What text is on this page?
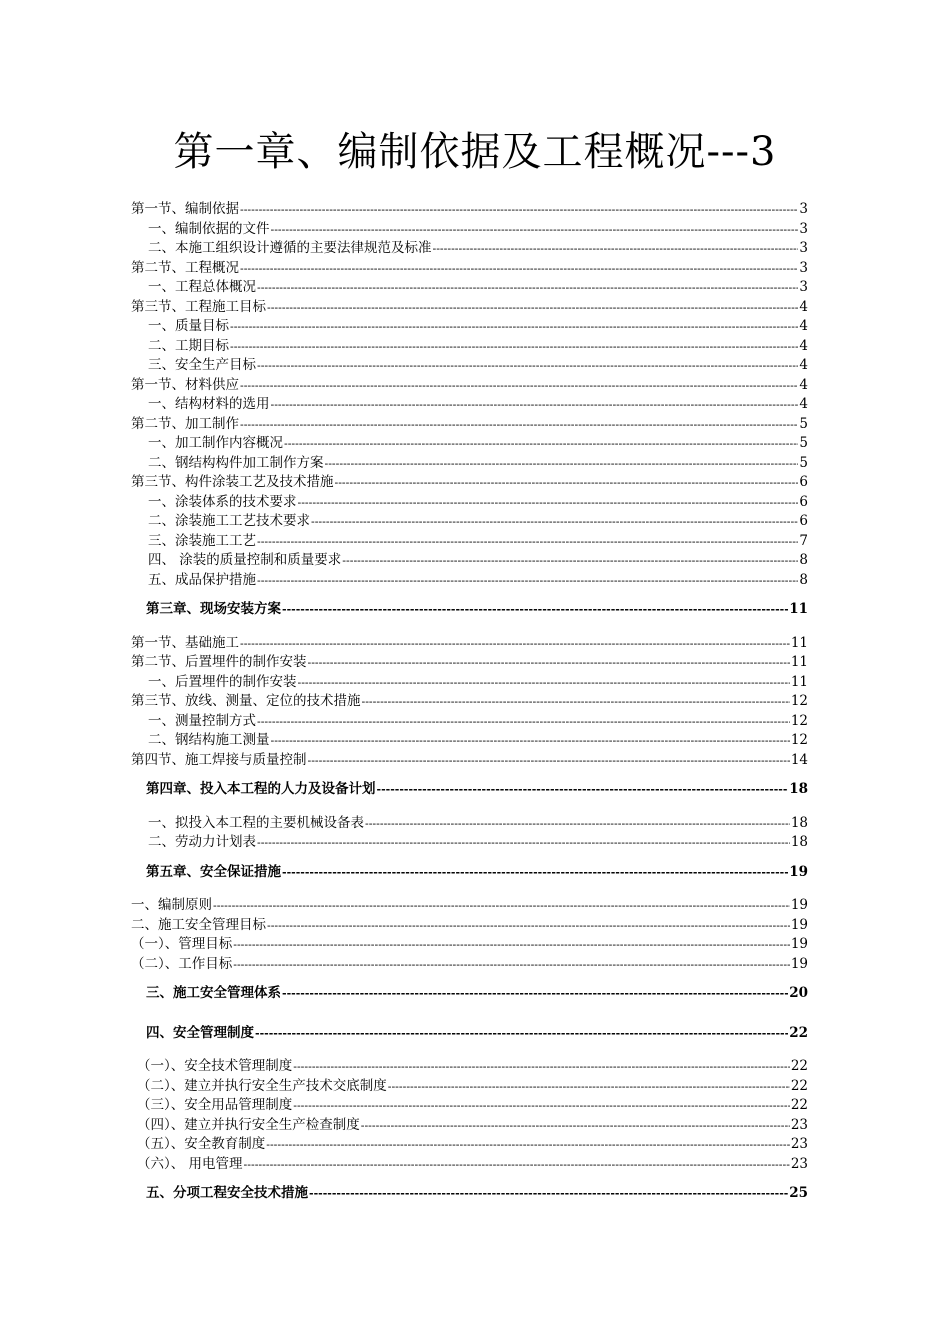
第一章、编制依据及工程概况---3
第一节、编制依据 -----	3
一、编制依据的文件 -----	3
二、本施工组织设计遵循的主要法律规范及标准 -----	3
第二节、工程概况 -----	3
一、工程总体概况 -----	3
第三节、工程施工目标 -----	4
一、质量目标 -----	4
二、工期目标 -----	4
三、安全生产目标 -----	4
第一节、材料供应 -----	4
一、结构材料的选用 -----	4
第二节、加工制作 -----	5
一、加工制作内容概况 -----	5
二、钢结构构件加工制作方案 -----	5
第三节、构件涂装工艺及技术措施 -----	6
一、涂装体系的技术要求 -----	6
二、涂装施工工艺技术要求 -----	6
三、涂装施工工艺 -----	7
四、 涂装的质量控制和质量要求 -----	8
五、成品保护措施 -----	8
第三章、现场安装方案 -----	11
第一节、基础施工 -----	11
第二节、后置埋件的制作安装 -----	11
一、后置埋件的制作安装 -----	11
第三节、放线、测量、定位的技术措施 -----	12
一、测量控制方式 -----	12
二、钢结构施工测量 -----	12
第四节、施工焊接与质量控制 -----	14
第四章、投入本工程的人力及设备计划 -----	18
一、拟投入本工程的主要机械设备表 -----	18
二、劳动力计划表 -----	18
第五章、安全保证措施 -----	19
一、编制原则 -----	19
二、施工安全管理目标 -----	19
（一）、管理目标 -----	19
（二）、工作目标 -----	19
三、施工安全管理体系 -----	20
四、安全管理制度 -----	22
（一）、安全技术管理制度 -----	22
（二）、建立并执行安全生产技术交底制度 -----	22
（三）、安全用品管理制度 -----	22
（四）、建立并执行安全生产检查制度 -----	23
（五）、安全教育制度 -----	23
（六）、 用电管理 -----	23
五、分项工程安全技术措施 -----	25
